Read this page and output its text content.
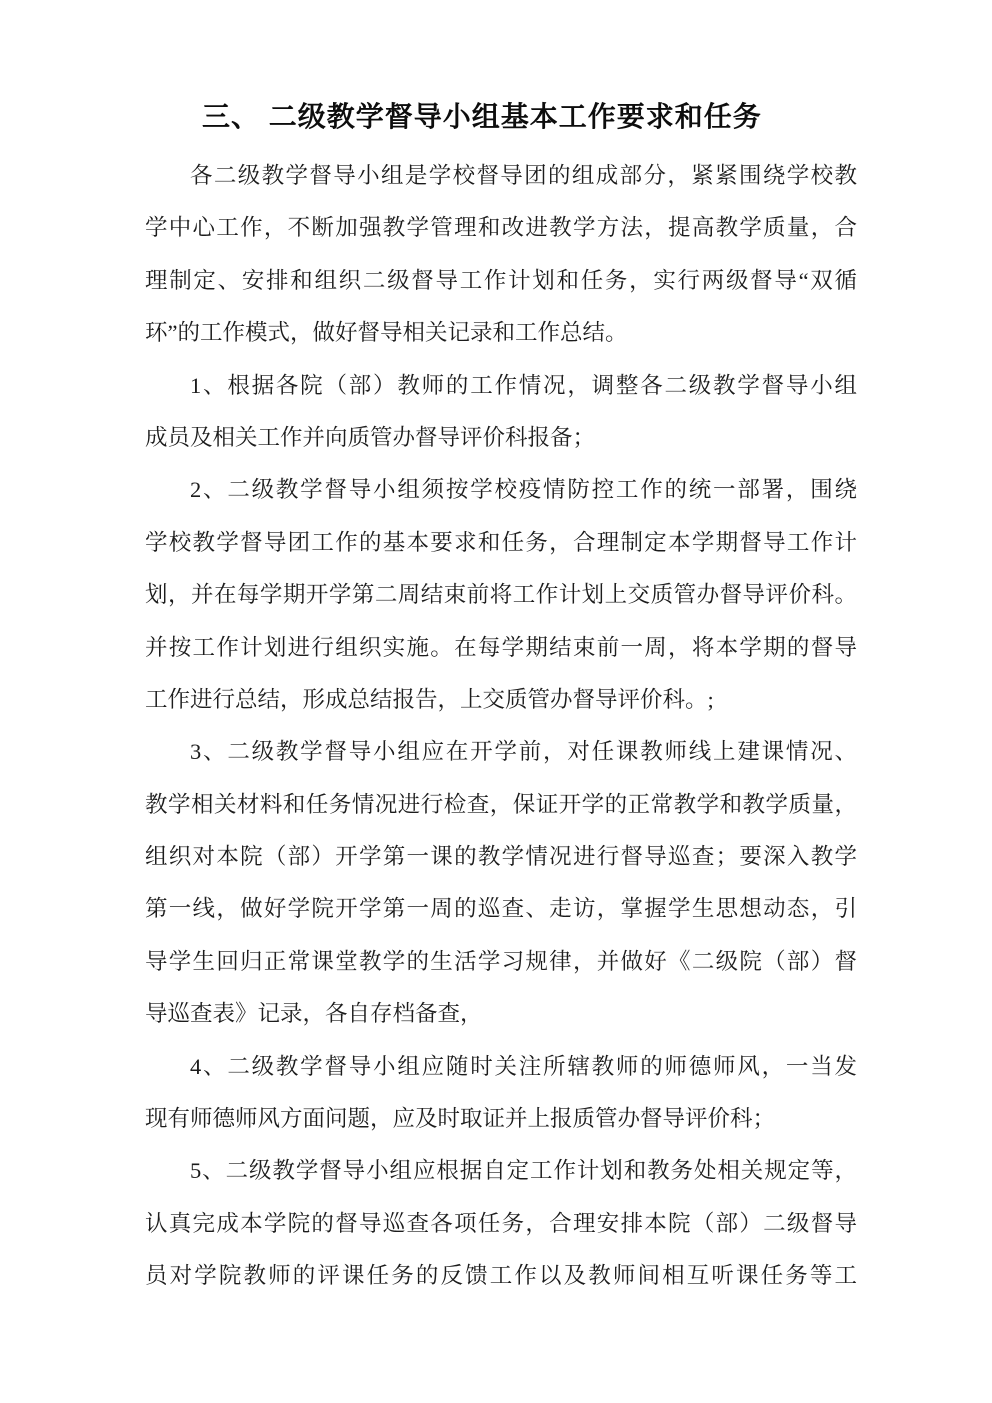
三、 二级教学督导小组基本工作要求和任务
各二级教学督导小组是学校督导团的组成部分，紧紧围绕学校教
学中心工作，不断加强教学管理和改进教学方法，提高教学质量，合
理制定、安排和组织二级督导工作计划和任务，实行两级督导“双循
环”的工作模式，做好督导相关记录和工作总结。
1、根据各院（部）教师的工作情况，调整各二级教学督导小组
成员及相关工作并向质管办督导评价科报备；
2、二级教学督导小组须按学校疫情防控工作的统一部署，围绕
学校教学督导团工作的基本要求和任务，合理制定本学期督导工作计
划，并在每学期开学第二周结束前将工作计划上交质管办督导评价科。
并按工作计划进行组织实施。在每学期结束前一周，将本学期的督导
工作进行总结，形成总结报告，上交质管办督导评价科。;
3、二级教学督导小组应在开学前，对任课教师线上建课情况、
教学相关材料和任务情况进行检查，保证开学的正常教学和教学质量，
组织对本院（部）开学第一课的教学情况进行督导巡查；要深入教学
第一线，做好学院开学第一周的巡查、走访，掌握学生思想动态，引
导学生回归正常课堂教学的生活学习规律，并做好《二级院（部）督
导巡查表》记录，各自存档备查，
4、二级教学督导小组应随时关注所辖教师的师德师风，一当发
现有师德师风方面问题，应及时取证并上报质管办督导评价科；
5、二级教学督导小组应根据自定工作计划和教务处相关规定等，
认真完成本学院的督导巡查各项任务，合理安排本院（部）二级督导
员对学院教师的评课任务的反馈工作以及教师间相互听课任务等工
